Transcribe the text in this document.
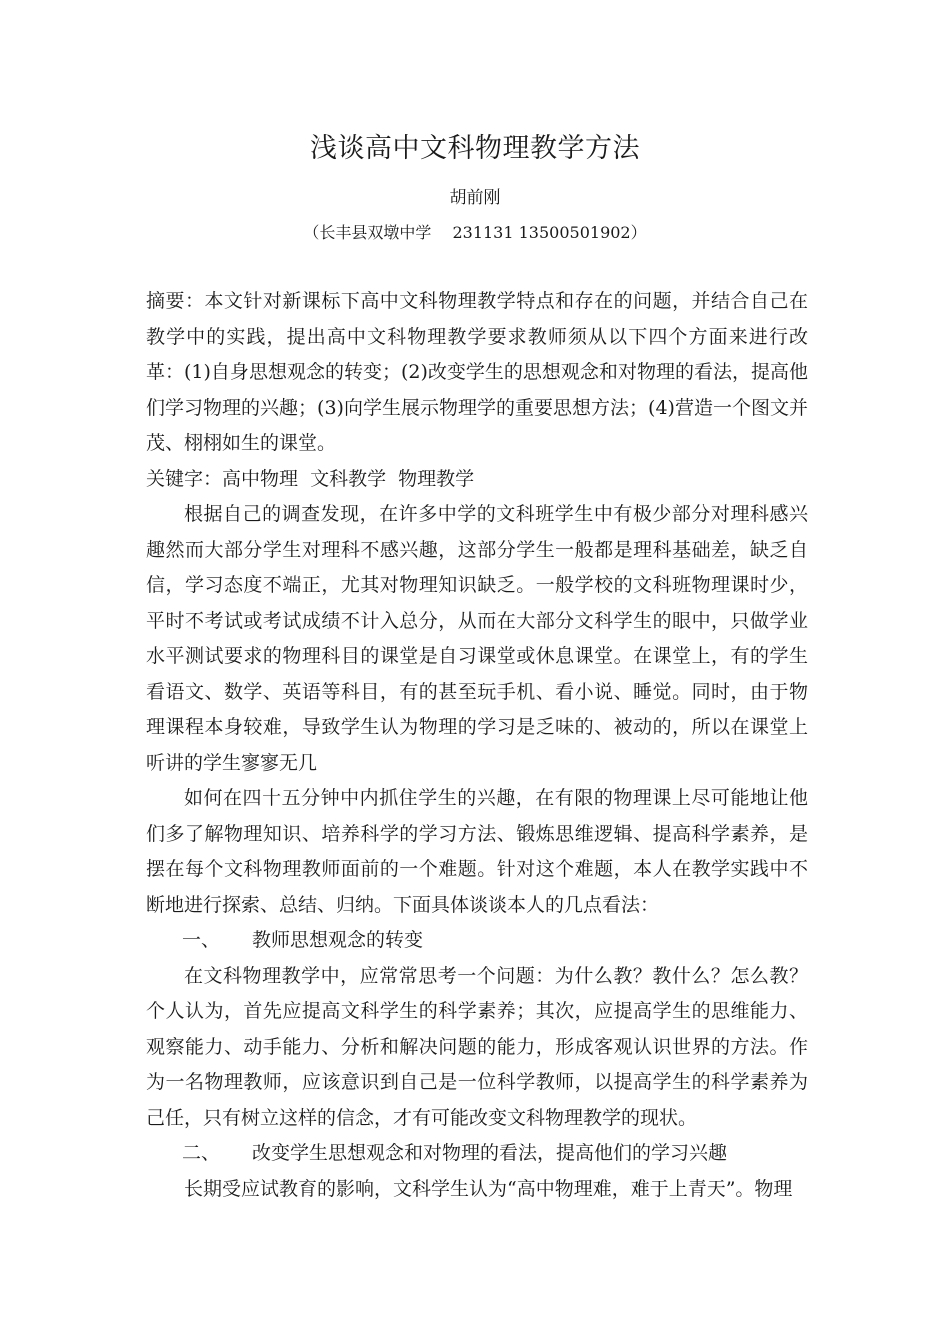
浅谈高中文科物理教学方法
胡前刚
（长丰县双墩中学　 231131 13500501902）

摘要：本文针对新课标下高中文科物理教学特点和存在的问题，并结合自己在教学中的实践，提出高中文科物理教学要求教师须从以下四个方面来进行改革：(1)自身思想观念的转变；(2)改变学生的思想观念和对物理的看法，提高他们学习物理的兴趣；(3)向学生展示物理学的重要思想方法；(4)营造一个图文并茂、栩栩如生的课堂。

关键字：高中物理  文科教学  物理教学

根据自己的调查发现，在许多中学的文科班学生中有极少部分对理科感兴趣然而大部分学生对理科不感兴趣，这部分学生一般都是理科基础差，缺乏自信，学习态度不端正，尤其对物理知识缺乏。一般学校的文科班物理课时少，平时不考试或考试成绩不计入总分，从而在大部分文科学生的眼中，只做学业水平测试要求的物理科目的课堂是自习课堂或休息课堂。在课堂上，有的学生看语文、数学、英语等科目，有的甚至玩手机、看小说、睡觉。同时，由于物理课程本身较难，导致学生认为物理的学习是乏味的、被动的，所以在课堂上听讲的学生寥寥无几

如何在四十五分钟中内抓住学生的兴趣，在有限的物理课上尽可能地让他们多了解物理知识、培养科学的学习方法、锻炼思维逻辑、提高科学素养，是摆在每个文科物理教师面前的一个难题。针对这个难题，本人在教学实践中不断地进行探索、总结、归纳。下面具体谈谈本人的几点看法：

一、 教师思想观念的转变

在文科物理教学中，应常常思考一个问题：为什么教？教什么？怎么教？个人认为，首先应提高文科学生的科学素养；其次，应提高学生的思维能力、观察能力、动手能力、分析和解决问题的能力，形成客观认识世界的方法。作为一名物理教师，应该意识到自己是一位科学教师，以提高学生的科学素养为己任，只有树立这样的信念，才有可能改变文科物理教学的现状。

二、 改变学生思想观念和对物理的看法，提高他们的学习兴趣

长期受应试教育的影响，文科学生认为“高中物理难，难于上青天”。物理
